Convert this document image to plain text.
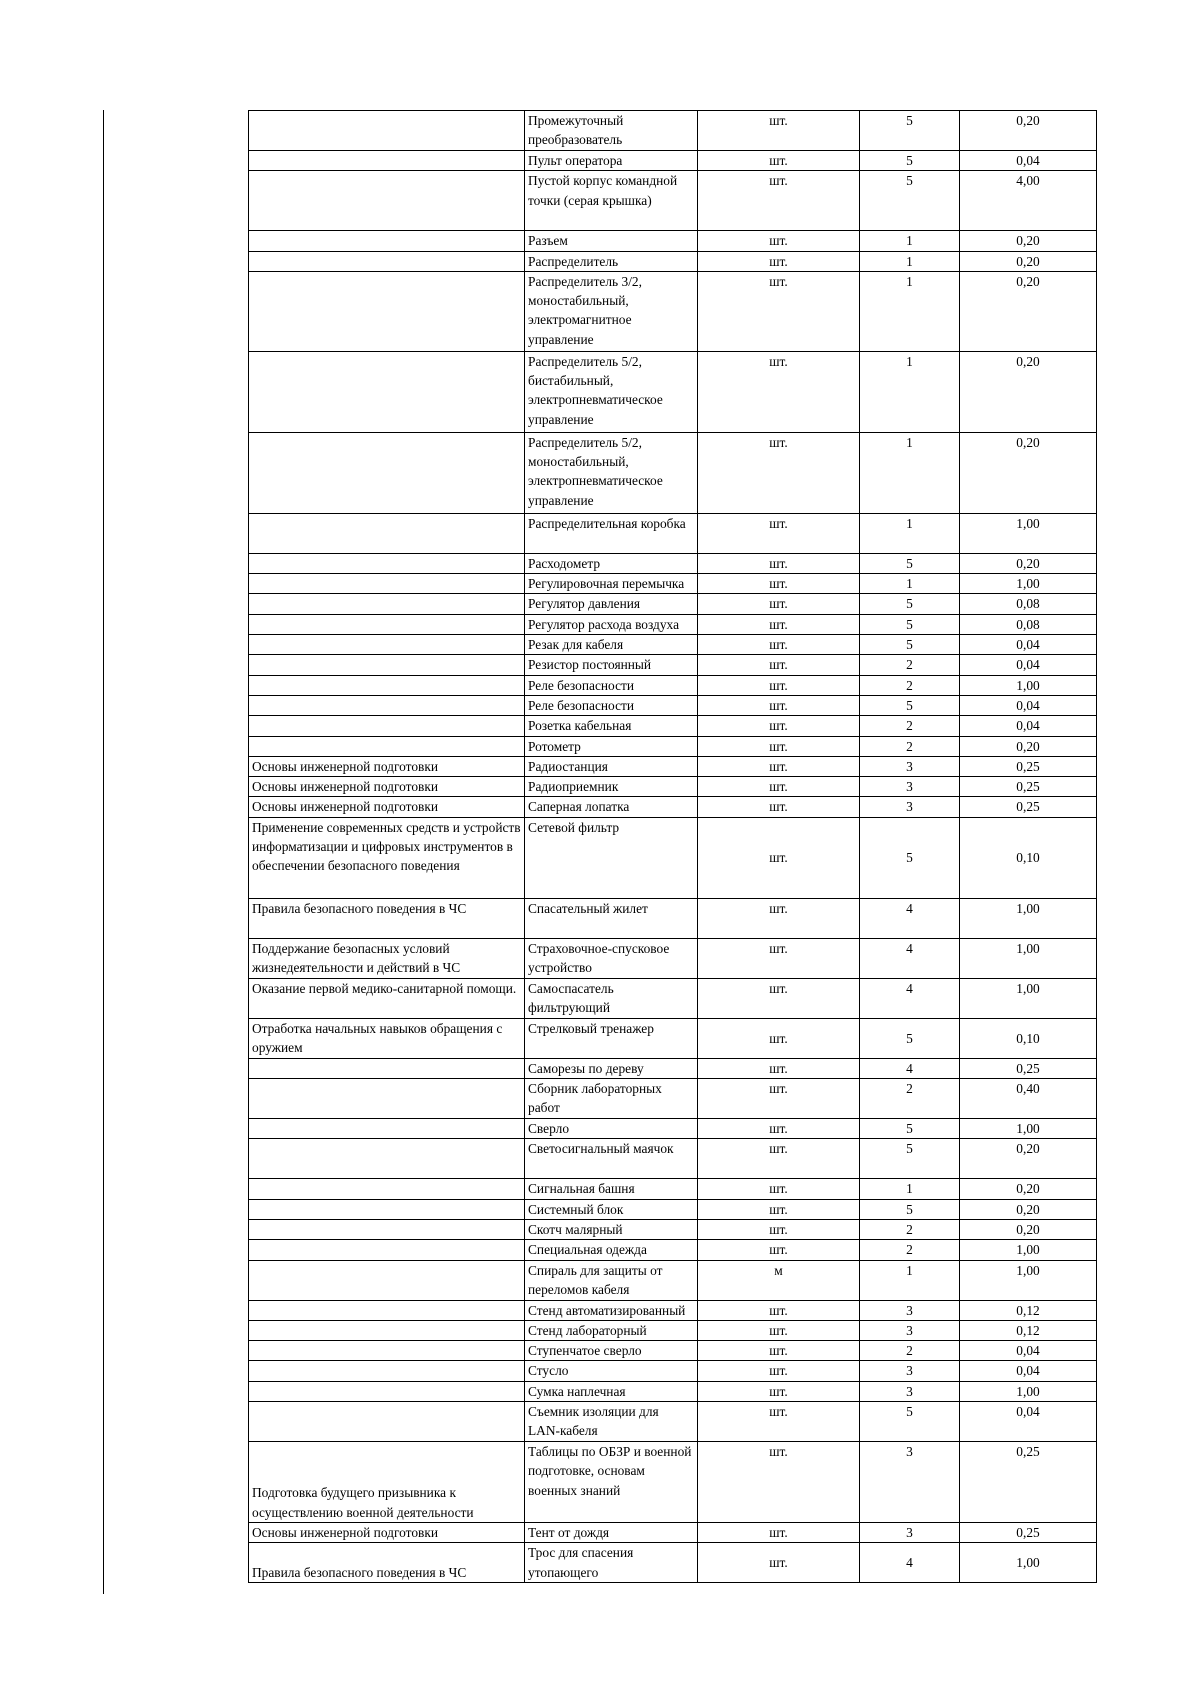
	Промежуточный преобразователь	шт.	5	0,20
	Пульт оператора	шт.	5	0,04
	Пустой корпус командной точки (серая крышка)	шт.	5	4,00
	Разъем	шт.	1	0,20
	Распределитель	шт.	1	0,20
	Распределитель 3/2, моностабильный, электромагнитное управление	шт.	1	0,20
	Распределитель 5/2, бистабильный, электропневматическое управление	шт.	1	0,20
	Распределитель 5/2, моностабильный, электропневматическое управление	шт.	1	0,20
	Распределительная коробка	шт.	1	1,00
	Расходометр	шт.	5	0,20
	Регулировочная перемычка	шт.	1	1,00
	Регулятор давления	шт.	5	0,08
	Регулятор расхода воздуха	шт.	5	0,08
	Резак для кабеля	шт.	5	0,04
	Резистор постоянный	шт.	2	0,04
	Реле безопасности	шт.	2	1,00
	Реле безопасности	шт.	5	0,04
	Розетка кабельная	шт.	2	0,04
	Ротометр	шт.	2	0,20
Основы инженерной подготовки	Радиостанция	шт.	3	0,25
Основы инженерной подготовки	Радиоприемник	шт.	3	0,25
Основы инженерной подготовки	Саперная лопатка	шт.	3	0,25
Применение современных средств и устройств информатизации и цифровых инструментов в обеспечении безопасного поведения	Сетевой фильтр	шт.	5	0,10
Правила безопасного поведения в ЧС	Спасательный жилет	шт.	4	1,00
Поддержание безопасных условий жизнедеятельности и действий в ЧС	Страховочное-спусковое устройство	шт.	4	1,00
Оказание первой медико-санитарной помощи.	Самоспасатель фильтрующий	шт.	4	1,00
Отработка начальных навыков обращения с оружием	Стрелковый тренажер	шт.	5	0,10
	Саморезы по дереву	шт.	4	0,25
	Сборник лабораторных работ	шт.	2	0,40
	Сверло	шт.	5	1,00
	Светосигнальный маячок	шт.	5	0,20
	Сигнальная башня	шт.	1	0,20
	Системный блок	шт.	5	0,20
	Скотч малярный	шт.	2	0,20
	Специальная одежда	шт.	2	1,00
	Спираль для защиты от переломов кабеля	м	1	1,00
	Стенд автоматизированный	шт.	3	0,12
	Стенд лабораторный	шт.	3	0,12
	Ступенчатое сверло	шт.	2	0,04
	Стусло	шт.	3	0,04
	Сумка наплечная	шт.	3	1,00
	Съемник изоляции для LAN-кабеля	шт.	5	0,04
Подготовка будущего призывника к осуществлению военной деятельности	Таблицы по ОБЗР и военной подготовке, основам военных знаний	шт.	3	0,25
Основы инженерной подготовки	Тент от дождя	шт.	3	0,25
Правила безопасного поведения в ЧС	Трос для спасения утопающего	шт.	4	1,00
